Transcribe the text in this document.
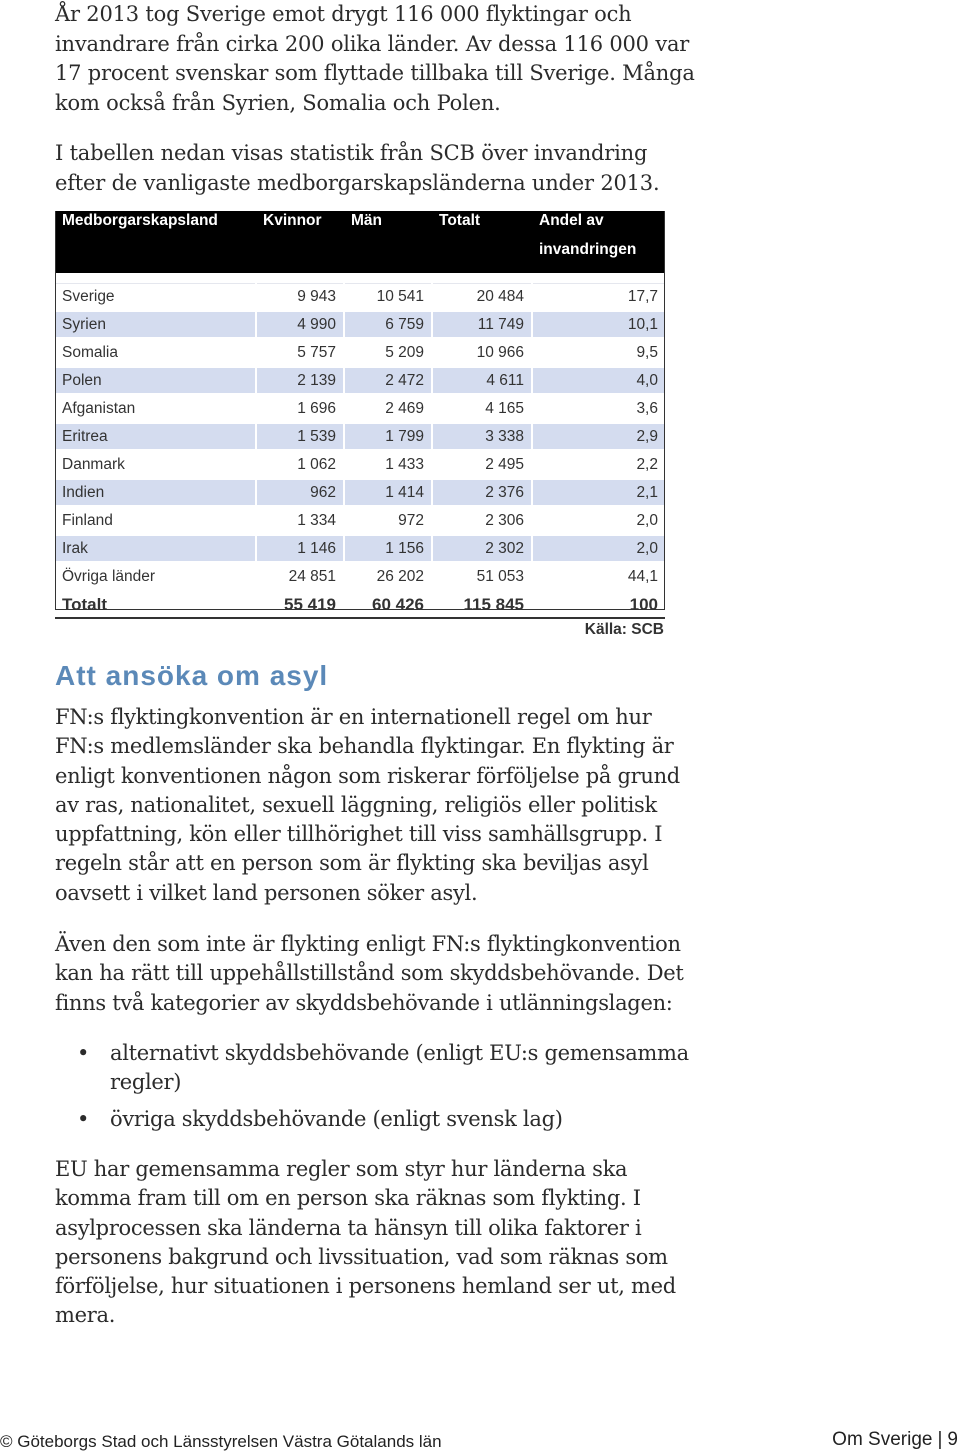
År 2013 tog Sverige emot drygt 116 000 flyktingar och invandrare från cirka 200 olika länder. Av dessa 116 000 var 17 procent svenskar som flyttade tillbaka till Sverige. Många kom också från Syrien, Somalia och Polen.

I tabellen nedan visas statistik från SCB över invandring efter de vanligaste medborgarskapsländerna under 2013.

Medborgarskapsland	Kvinnor	Män	Totalt	Andel av
				invandringen

Sverige	9 943	10 541	20 484	17,7
Syrien	4 990	6 759	11 749	10,1
Somalia	5 757	5 209	10 966	9,5
Polen	2 139	2 472	4 611	4,0
Afganistan	1 696	2 469	4 165	3,6
Eritrea	1 539	1 799	3 338	2,9
Danmark	1 062	1 433	2 495	2,2
Indien	962	1 414	2 376	2,1
Finland	1 334	972	2 306	2,0
Irak	1 146	1 156	2 302	2,0
Övriga länder	24 851	26 202	51 053	44,1
Totalt	55 419	60 426	115 845	100
Källa: SCB
Att ansöka om asyl

FN:s flyktingkonvention är en internationell regel om hur FN:s medlemsländer ska behandla flyktingar. En flykting är enligt konventionen någon som riskerar förföljelse på grund av ras, nationalitet, sexuell läggning, religiös eller politisk uppfattning, kön eller tillhörighet till viss samhällsgrupp. I regeln står att en person som är flykting ska beviljas asyl oavsett i vilket land personen söker asyl.

Även den som inte är flykting enligt FN:s flyktingkonvention kan ha rätt till uppehållstillstånd som skyddsbehövande. Det finns två kategorier av skyddsbehövande i utlänningslagen:

• alternativt skyddsbehövande (enligt EU:s gemensamma regler)
• övriga skyddsbehövande (enligt svensk lag)

EU har gemensamma regler som styr hur länderna ska komma fram till om en person ska räknas som flykting. I asylprocessen ska länderna ta hänsyn till olika faktorer i personens bakgrund och livssituation, vad som räknas som förföljelse, hur situationen i personens hemland ser ut, med mera.

© Göteborgs Stad och Länsstyrelsen Västra Götalands län	Om Sverige | 9
